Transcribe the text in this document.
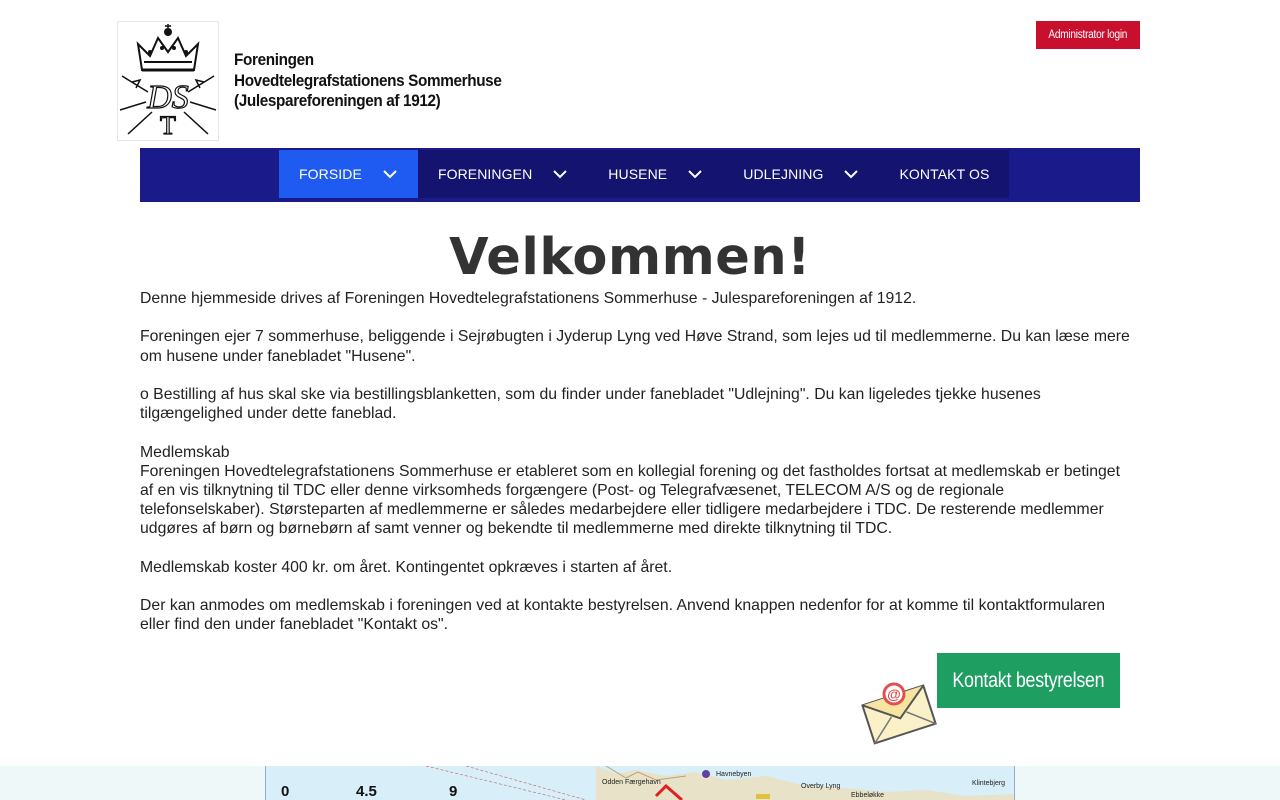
DS
T
Foreningen
Hovedtelegrafstationens Sommerhuse
(Julespareforeningen af 1912)
Administrator login
FORSIDE	FORENINGEN	HUSENE	UDLEJNING	KONTAKT OS
Velkommen!

Denne hjemmeside drives af Foreningen Hovedtelegrafstationens Sommerhuse - Julespareforeningen af 1912.

Foreningen ejer 7 sommerhuse, beliggende i Sejrøbugten i Jyderup Lyng ved Høve Strand, som lejes ud til medlemmerne. Du kan læse mere om husene under fanebladet "Husene".

o Bestilling af hus skal ske via bestillingsblanketten, som du finder under fanebladet "Udlejning". Du kan ligeledes tjekke husenes tilgængelighed under dette faneblad.

Medlemskab

Foreningen Hovedtelegrafstationens Sommerhuse er etableret som en kollegial forening og det fastholdes fortsat at medlemskab er betinget af en vis tilknytning til TDC eller denne virksomheds forgængere (Post- og Telegrafvæsenet, TELECOM A/S og de regionale telefonselskaber). Størsteparten af medlemmerne er således medarbejdere eller tidligere medarbejdere i TDC. De resterende medlemmer udgøres af børn og børnebørn af samt venner og bekendte til medlemmerne med direkte tilknytning til TDC.

Medlemskab koster 400 kr. om året. Kontingentet opkræves i starten af året.

Der kan anmodes om medlemskab i foreningen ved at kontakte bestyrelsen. Anvend knappen nedenfor for at komme til kontaktformularen eller find den under fanebladet "Kontakt os".

@
Kontakt bestyrelsen
0	4.5	9
Havnebyen
Odden Færgehavn
Overby Lyng
Ebbeløkke
Klintebjerg
